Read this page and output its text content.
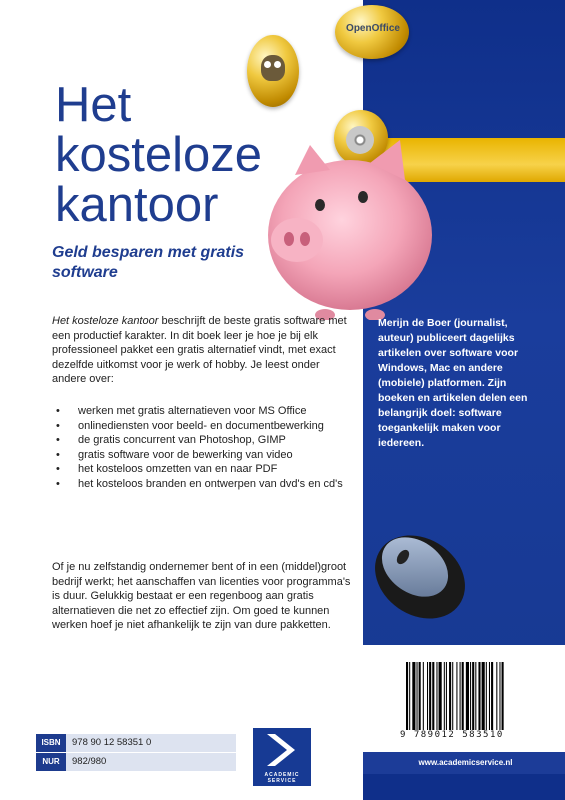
Het kosteloze kantoor
Geld besparen met gratis software
OpenOffice

Het kosteloze kantoor beschrijft de beste gratis software met een productief karakter. In dit boek leer je hoe je bij elk professioneel pakket een gratis alternatief vindt, met exact dezelfde uitkomst voor je werk of hobby. Je leest onder andere over:

• werken met gratis alternatieven voor MS Office
• onlinediensten voor beeld- en documentbewerking
• de gratis concurrent van Photoshop, GIMP
• gratis software voor de bewerking van video
• het kosteloos omzetten van en naar PDF
• het kosteloos branden en ontwerpen van dvd's en cd's

Of je nu zelfstandig ondernemer bent of in een (middel)groot bedrijf werkt; het aanschaffen van licenties voor programma's is duur. Gelukkig bestaat er een regenboog aan gratis alternatieven die net zo effectief zijn. Om goed te kunnen werken hoef je niet afhankelijk te zijn van dure pakketten.

Merijn de Boer (journalist, auteur) publiceert dagelijks artikelen over software voor Windows, Mac en andere (mobiele) platformen. Zijn boeken en artikelen delen een belangrijk doel: software toegankelijk maken voor iedereen.

9 789012 583510
www.academicservice.nl
ISBN	978 90 12 58351 0
NUR	982/980
ACADEMIC SERVICE
